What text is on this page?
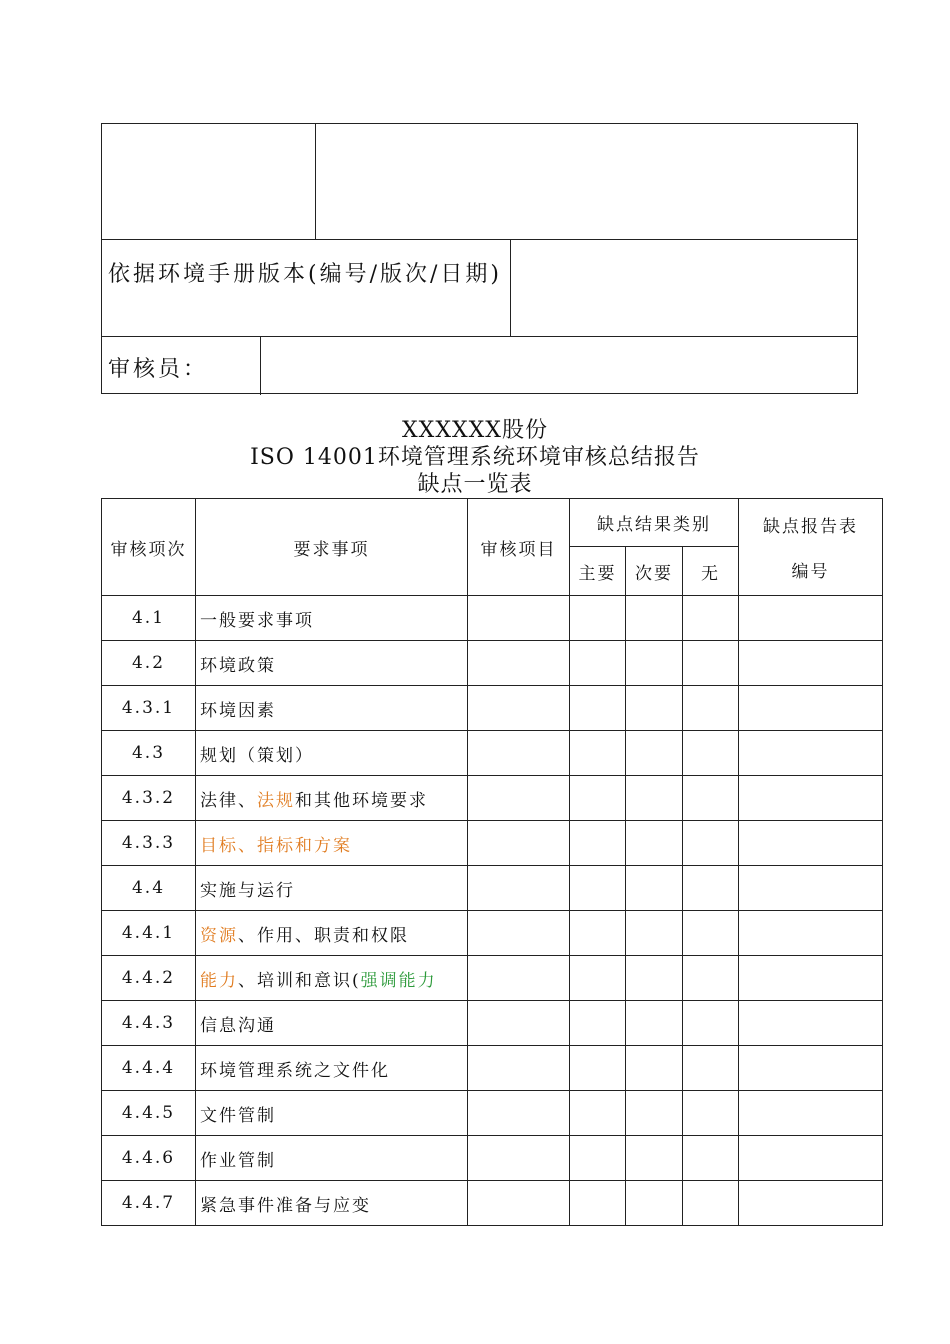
依据环境手册版本(编号/版次/日期)
审核员：
XXXXXX股份
ISO 14001环境管理系统环境审核总结报告
缺点一览表
审核项次	要求事项	审核项目	缺点结果类别			缺点报告表
编号

			主要	次要	无	
4.1	一般要求事项					
4.2	环境政策					
4.3.1	环境因素					
4.3	规划（策划）					
4.3.2	法律、法规和其他环境要求					
4.3.3	目标、指标和方案					
4.4	实施与运行					
4.4.1	资源、作用、职责和权限					
4.4.2	能力、培训和意识(强调能力					
4.4.3	信息沟通					
4.4.4	环境管理系统之文件化					
4.4.5	文件管制					
4.4.6	作业管制					
4.4.7	紧急事件准备与应变					
